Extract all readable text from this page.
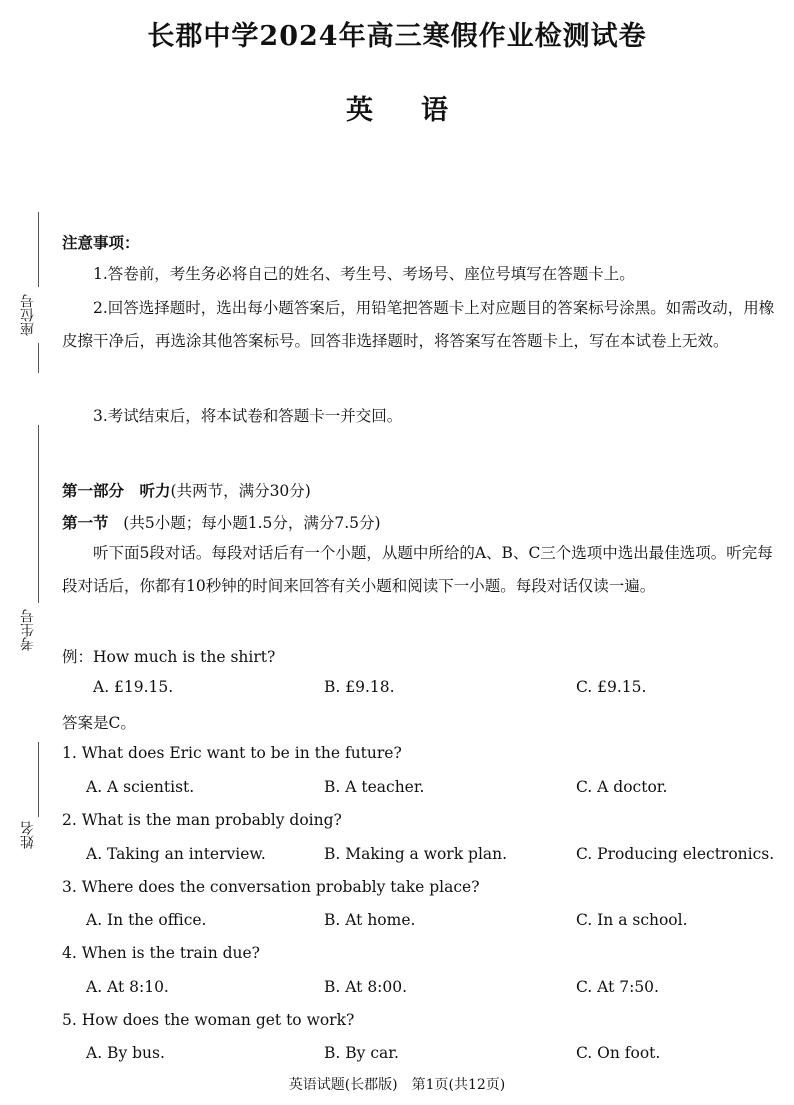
长郡中学2024年高三寒假作业检测试卷
英语
座位号
考生号
姓名
注意事项：
1.答卷前，考生务必将自己的姓名、考生号、考场号、座位号填写在答题卡上。
2.回答选择题时，选出每小题答案后，用铅笔把答题卡上对应题目的答案标号涂黑。如需改动，用橡皮擦干净后，再选涂其他答案标号。回答非选择题时，将答案写在答题卡上，写在本试卷上无效。
3.考试结束后，将本试卷和答题卡一并交回。
第一部分　听力(共两节，满分30分)
第一节 (共5小题；每小题1.5分，满分7.5分)
听下面5段对话。每段对话后有一个小题，从题中所给的A、B、C三个选项中选出最佳选项。听完每段对话后，你都有10秒钟的时间来回答有关小题和阅读下一小题。每段对话仅读一遍。
例：How much is the shirt?
A. £19.15.	B. £9.18.	C. £9.15.
答案是C。
1. What does Eric want to be in the future?
A. A scientist.	B. A teacher.	C. A doctor.
2. What is the man probably doing?
A. Taking an interview.	B. Making a work plan.	C. Producing electronics.
3. Where does the conversation probably take place?
A. In the office.	B. At home.	C. In a school.
4. When is the train due?
A. At 8:10.	B. At 8:00.	C. At 7:50.
5. How does the woman get to work?
A. By bus.	B. By car.	C. On foot.
英语试题(长郡版)　第1页(共12页)
